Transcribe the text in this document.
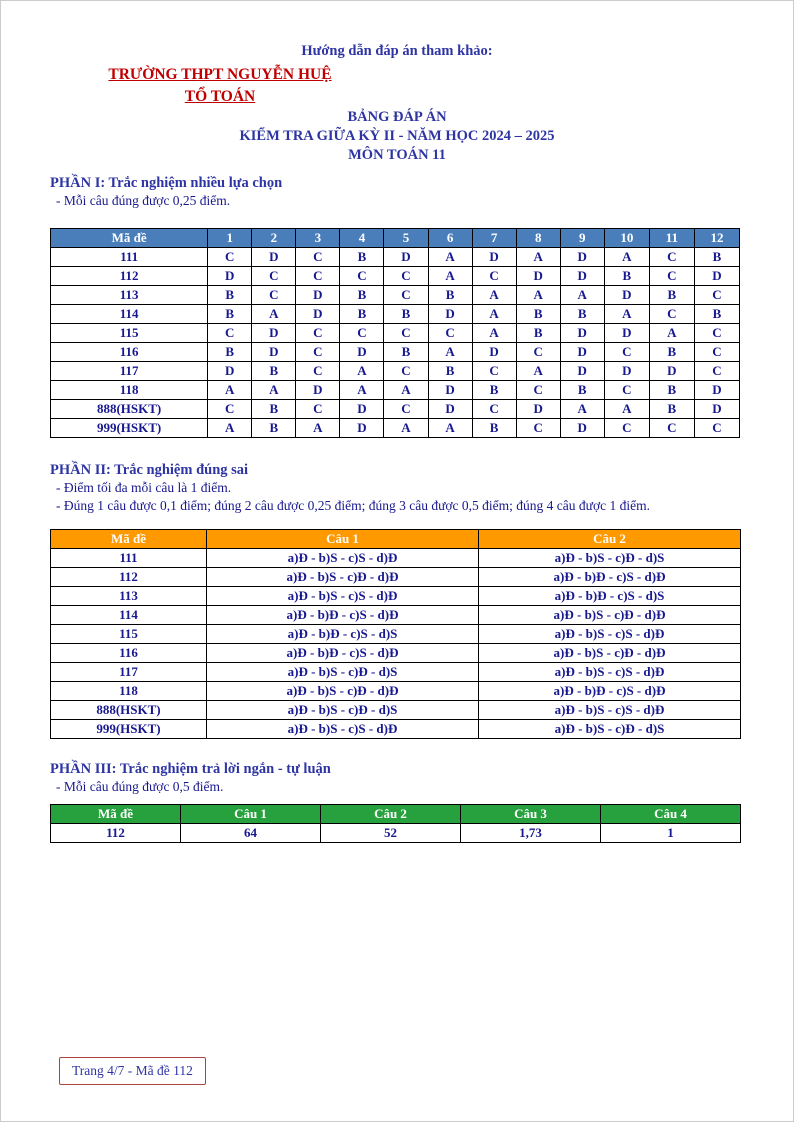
Hướng dẫn đáp án tham khảo:
TRƯỜNG THPT NGUYỄN HUỆ
TỔ TOÁN
BẢNG ĐÁP ÁN
KIỂM TRA GIỮA KỲ II - NĂM HỌC 2024 – 2025
MÔN TOÁN 11
PHẦN I: Trắc nghiệm nhiều lựa chọn
- Mỗi câu đúng được 0,25 điểm.
Mã đề	1	2	3	4	5	6	7	8	9	10	11	12
111	C	D	C	B	D	A	D	A	D	A	C	B
112	D	C	C	C	C	A	C	D	D	B	C	D
113	B	C	D	B	C	B	A	A	A	D	B	C
114	B	A	D	B	B	D	A	B	B	A	C	B
115	C	D	C	C	C	C	A	B	D	D	A	C
116	B	D	C	D	B	A	D	C	D	C	B	C
117	D	B	C	A	C	B	C	A	D	D	D	C
118	A	A	D	A	A	D	B	C	B	C	B	D
888(HSKT)	C	B	C	D	C	D	C	D	A	A	B	D
999(HSKT)	A	B	A	D	A	A	B	C	D	C	C	C
PHẦN II: Trắc nghiệm đúng sai
- Điểm tối đa mỗi câu là 1 điểm.
- Đúng 1 câu được 0,1 điểm; đúng 2 câu được 0,25 điểm; đúng 3 câu được 0,5 điểm; đúng 4 câu được 1 điểm.
Mã đề	Câu 1	Câu 2
111	a)Đ - b)S - c)S - d)Đ	a)Đ - b)S - c)Đ - d)S
112	a)Đ - b)S - c)Đ - d)Đ	a)Đ - b)Đ - c)S - d)Đ
113	a)Đ - b)S - c)S - d)Đ	a)Đ - b)Đ - c)S - d)S
114	a)Đ - b)Đ - c)S - d)Đ	a)Đ - b)S - c)Đ - d)Đ
115	a)Đ - b)Đ - c)S - d)S	a)Đ - b)S - c)S - d)Đ
116	a)Đ - b)Đ - c)S - d)Đ	a)Đ - b)S - c)Đ - d)Đ
117	a)Đ - b)S - c)Đ - d)S	a)Đ - b)S - c)S - d)Đ
118	a)Đ - b)S - c)Đ - d)Đ	a)Đ - b)Đ - c)S - d)Đ
888(HSKT)	a)Đ - b)S - c)Đ - d)S	a)Đ - b)S - c)S - d)Đ
999(HSKT)	a)Đ - b)S - c)S - d)Đ	a)Đ - b)S - c)Đ - d)S
PHẦN III: Trắc nghiệm trả lời ngắn - tự luận
- Mỗi câu đúng được 0,5 điểm.
Mã đề	Câu 1	Câu 2	Câu 3	Câu 4
112	64	52	1,73	1
Trang 4/7 - Mã đề 112
